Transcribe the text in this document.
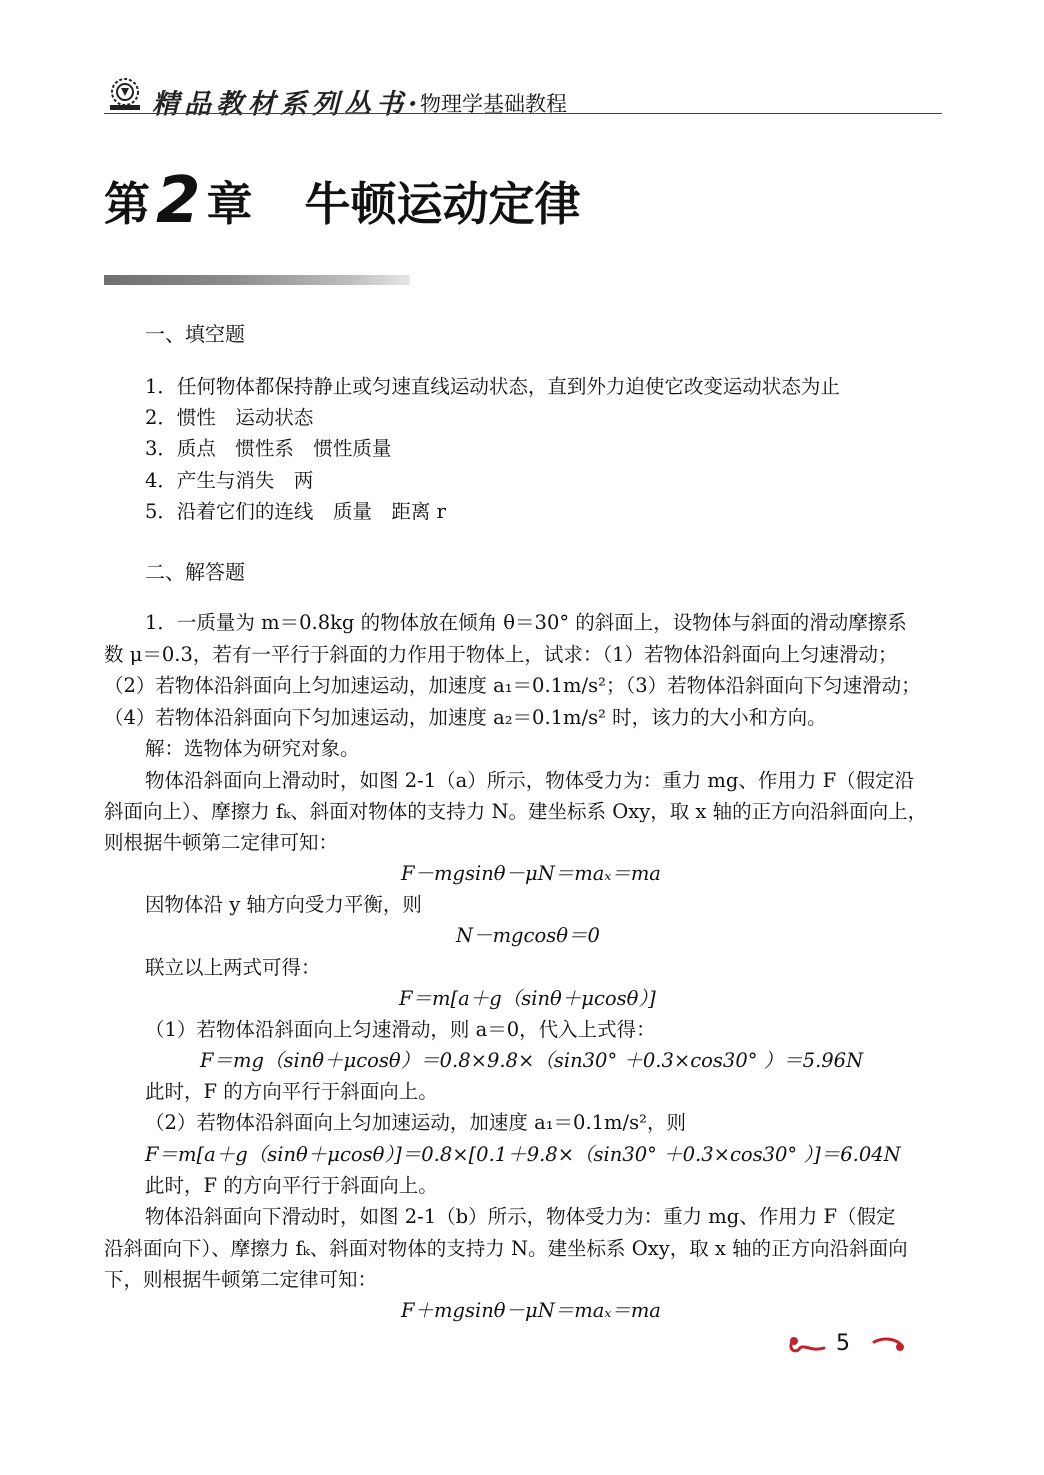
精品教材系列丛书·
物理学基础教程
第2 章 牛顿运动定律
一、填空题
1．任何物体都保持静止或匀速直线运动状态，直到外力迫使它改变运动状态为止
2．惯性　运动状态
3．质点　惯性系　惯性质量
4．产生与消失　两
5．沿着它们的连线　质量　距离 r
二、解答题
1．一质量为 m＝0.8kg 的物体放在倾角 θ＝30° 的斜面上，设物体与斜面的滑动摩擦系
数 μ＝0.3，若有一平行于斜面的力作用于物体上，试求：（1）若物体沿斜面向上匀速滑动；
（2）若物体沿斜面向上匀加速运动，加速度 a₁＝0.1m/s²；（3）若物体沿斜面向下匀速滑动；
（4）若物体沿斜面向下匀加速运动，加速度 a₂＝0.1m/s² 时，该力的大小和方向。
解：选物体为研究对象。
物体沿斜面向上滑动时，如图 2-1（a）所示，物体受力为：重力 mg、作用力 F（假定沿
斜面向上）、摩擦力 fₖ、斜面对物体的支持力 N。建坐标系 Oxy，取 x 轴的正方向沿斜面向上，
则根据牛顿第二定律可知：
F－mgsinθ－μN＝maₓ＝ma
因物体沿 y 轴方向受力平衡，则
N－mgcosθ＝0
联立以上两式可得：
F＝m[a＋g（sinθ＋μcosθ）]
（1）若物体沿斜面向上匀速滑动，则 a＝0，代入上式得：
F＝mg（sinθ＋μcosθ）＝0.8×9.8×（sin30° ＋0.3×cos30° ）＝5.96N
此时，F 的方向平行于斜面向上。
（2）若物体沿斜面向上匀加速运动，加速度 a₁＝0.1m/s²，则
F＝m[a＋g（sinθ＋μcosθ）]＝0.8×[0.1＋9.8×（sin30° ＋0.3×cos30° ）]＝6.04N
此时，F 的方向平行于斜面向上。
物体沿斜面向下滑动时，如图 2-1（b）所示，物体受力为：重力 mg、作用力 F（假定
沿斜面向下）、摩擦力 fₖ、斜面对物体的支持力 N。建坐标系 Oxy，取 x 轴的正方向沿斜面向
下，则根据牛顿第二定律可知：
F＋mgsinθ－μN＝maₓ＝ma
5
